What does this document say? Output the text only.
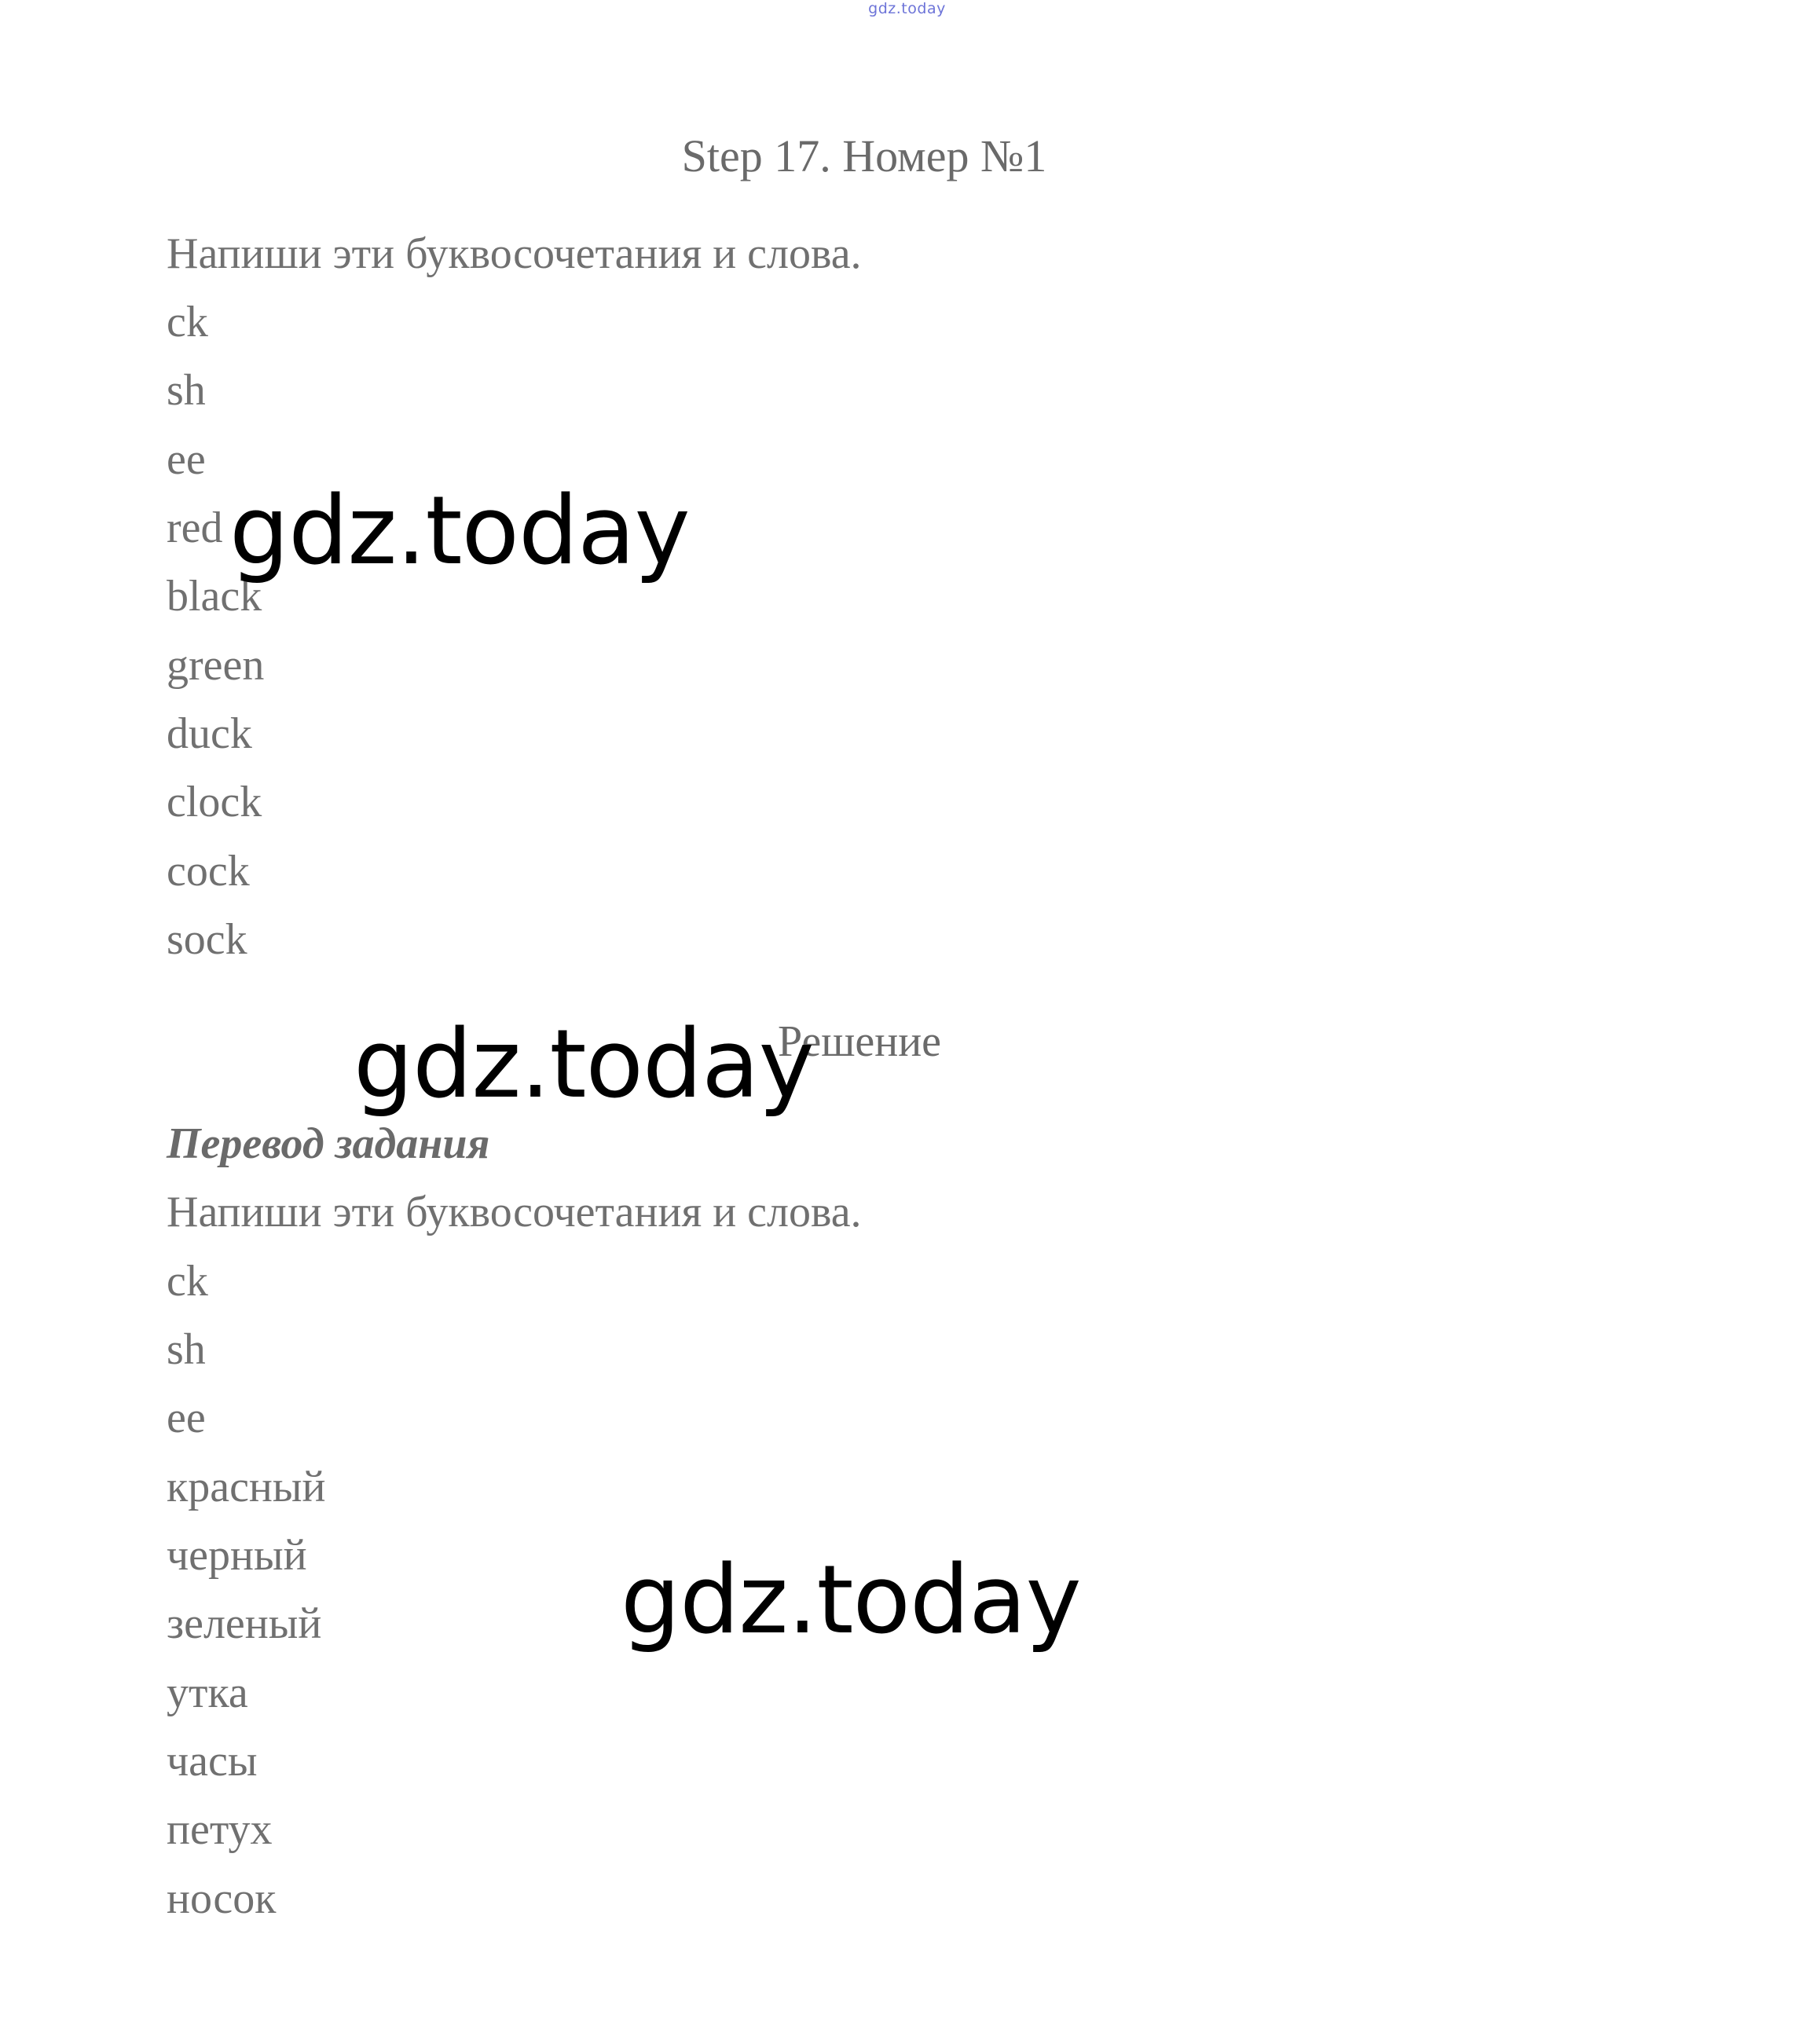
gdz.today
Step 17. Номер №1
Напиши эти буквосочетания и слова.
ck
sh
ee
red
black
green
duck
clock
cock
sock
Решение
Перевод задания
Напиши эти буквосочетания и слова.
ck
sh
ee
красный
черный
зеленый
утка
часы
петух
носок
gdz.today
gdz.today
gdz.today
